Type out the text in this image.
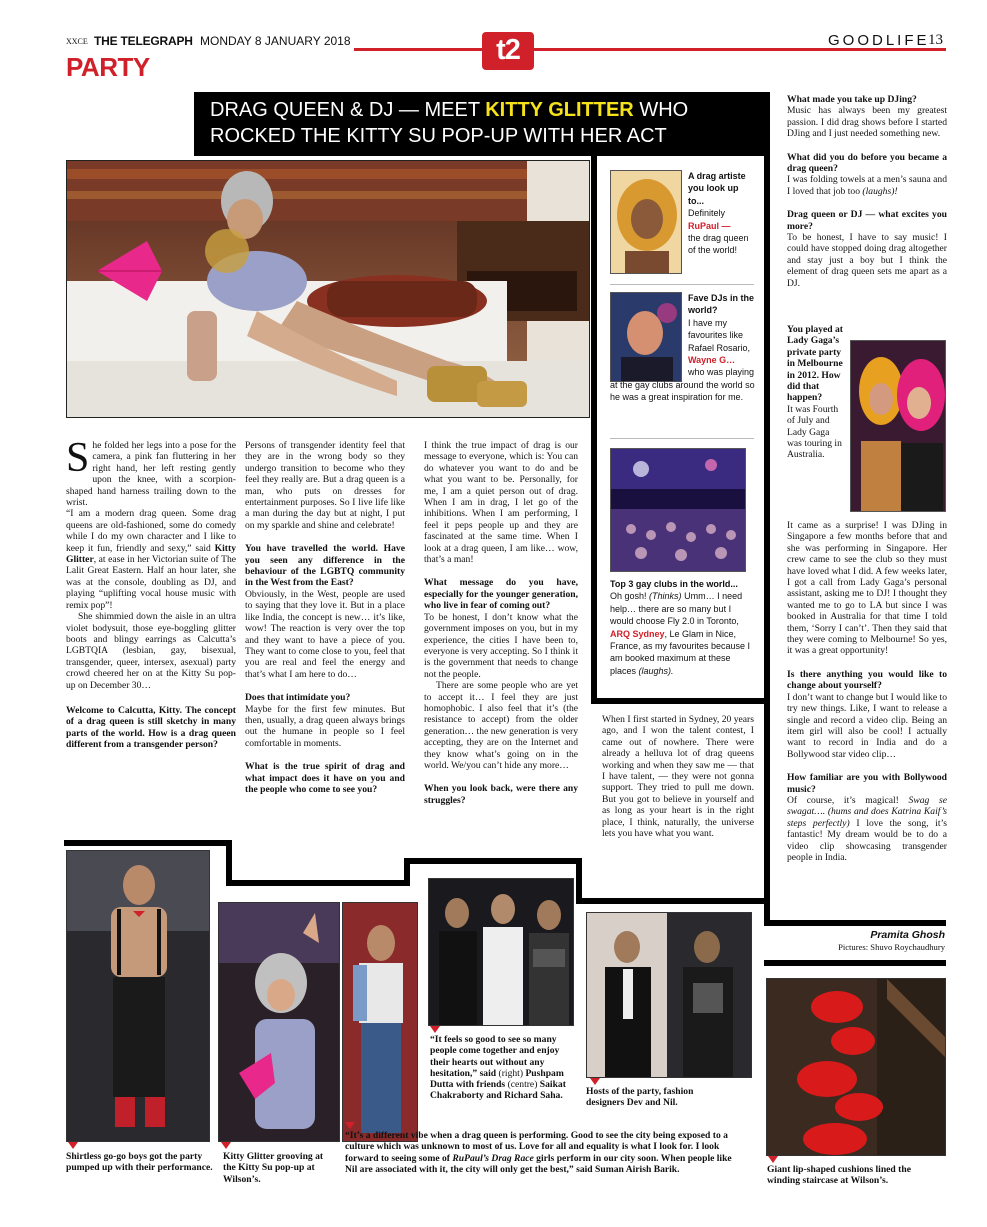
XXCE THE TELEGRAPH MONDAY 8 JANUARY 2018	t2	GOODLIFE
13
PARTY
DRAG QUEEN & DJ — MEET KITTY GLITTER WHO
ROCKED THE KITTY SU POP-UP WITH HER ACT

She folded her legs into a pose for the camera, a pink fan fluttering in her right hand, her left resting gently upon the knee, with a scorpion-shaped hand harness trailing down to the wrist.

“I am a modern drag queen. Some drag queens are old-fashioned, some do comedy while I do my own character and I like to keep it fun, friendly and sexy,” said Kitty Glitter, at ease in her Victorian suite of The Lalit Great Eastern. Half an hour later, she was at the console, doubling as DJ, and playing “uplifting vocal house music with remix pop”!

She shimmied down the aisle in an ultra violet bodysuit, those eye-boggling glitter boots and blingy earrings as Calcutta’s LGBTQIA (lesbian, gay, bisexual, transgender, queer, intersex, asexual) party crowd cheered her on at the Kitty Su pop-up on December 30…

Welcome to Calcutta, Kitty. The concept of a drag queen is still sketchy in many parts of the world. How is a drag queen different from a transgender person?

Persons of transgender identity feel that they are in the wrong body so they undergo transition to become who they feel they really are. But a drag queen is a man, who puts on dresses for entertainment purposes. So I live life like a man during the day but at night, I put on my sparkle and shine and celebrate!

You have travelled the world. Have you seen any difference in the behaviour of the LGBTQ community in the West from the East?

Obviously, in the West, people are used to saying that they love it. But in a place like India, the concept is new… it’s like, wow! The reaction is very over the top and they want to have a piece of you. They want to come close to you, feel that you are real and feel the energy and that’s what I am here to do…

Does that intimidate you?

Maybe for the first few minutes. But then, usually, a drag queen always brings out the humane in people so I feel comfortable in moments.

What is the true spirit of drag and what impact does it have on you and the people who come to see you?

I think the true impact of drag is our message to everyone, which is: You can do whatever you want to do and be what you want to be. Personally, for me, I am a quiet person out of drag. When I am in drag, I let go of the inhibitions. When I am performing, I feel it peps people up and they are fascinated at the same time. When I look at a drag queen, I am like… wow, that’s a man!

What message do you have, especially for the younger generation, who live in fear of coming out?

To be honest, I don’t know what the government imposes on you, but in my experience, the cities I have been to, everyone is very accepting. So I think it is the government that needs to change not the people.

There are some people who are yet to accept it… I feel they are just homophobic. I also feel that it’s (the resistance to accept) from the older generation… the new generation is very accepting, they are on the Internet and they know what’s going on in the world. We/you can’t hide any more…

When you look back, were there any struggles?

A drag artiste you look up to...
Definitely
RuPaul —
the drag queen of the world!
Fave DJs in the world?
I have my favourites like Rafael Rosario,
Wayne G…
who was playing at the gay clubs around the world so he was a great inspiration for me.
Top 3 gay clubs in the world...
Oh gosh! (Thinks) Umm… I need help… there are so many but I would choose Fly 2.0 in Toronto, ARQ Sydney, Le Glam in Nice, France, as my favourites because I am booked maximum at these places (laughs).

When I first started in Sydney, 20 years ago, and I won the talent contest, I came out of nowhere. There were already a helluva lot of drag queens working and when they saw me — that I have talent, — they were not gonna support. They tried to pull me down. But you got to believe in yourself and as long as your heart is in the right place, I think, naturally, the universe lets you have what you want.

What made you take up DJing?

Music has always been my greatest passion. I did drag shows before I started DJing and I just needed something new.

What did you do before you became a drag queen?

I was folding towels at a men’s sauna and I loved that job too (laughs)!

Drag queen or DJ — what excites you more?

To be honest, I have to say music! I could have stopped doing drag altogether and stay just a boy but I think the element of drag queen sets me apart as a DJ.

You played at Lady Gaga’s private party in Melbourne in 2012. How did that happen?

It was Fourth of July and Lady Gaga was touring in Australia.

It came as a surprise! I was DJing in Singapore a few months before that and she was performing in Singapore. Her crew came to see the club so they must have loved what I did. A few weeks later, I got a call from Lady Gaga’s personal assistant, asking me to DJ! I thought they wanted me to go to LA but since I was booked in Australia for that time I told them, ‘Sorry I can’t’. Then they said that they were coming to Melbourne! So yes, it was a great opportunity!

Is there anything you would like to change about yourself?

I don’t want to change but I would like to try new things. Like, I want to release a single and record a video clip. Being an item girl will also be cool! I actually want to record in India and do a Bollywood star video clip…

How familiar are you with Bollywood music?

Of course, it’s magical! Swag se swagat…. (hums and does Katrina Kaif’s steps perfectly) I love the song, it’s fantastic! My dream would be to do a video clip showcasing transgender people in India.

Pramita Ghosh
Pictures: Shuvo Roychaudhury
Shirtless go-go boys got the party pumped up with their performance.
Kitty Glitter grooving at the Kitty Su pop-up at Wilson’s.
“It feels so good to see so many people come together and enjoy their hearts out without any hesitation,” said (right) Pushpam Dutta with friends (centre) Saikat Chakraborty and Richard Saha.	Hosts of the party, fashion designers Dev and Nil.
“It’s a different vibe when a drag queen is performing. Good to see the city being exposed to a culture which was unknown to most of us. Love for all and equality is what I look for. I look forward to seeing some of RuPaul’s Drag Race girls perform in our city soon. When people like Nil are associated with it, the city will only get the best,” said Suman Airish Barik.	Giant lip-shaped cushions lined the winding staircase at Wilson’s.
